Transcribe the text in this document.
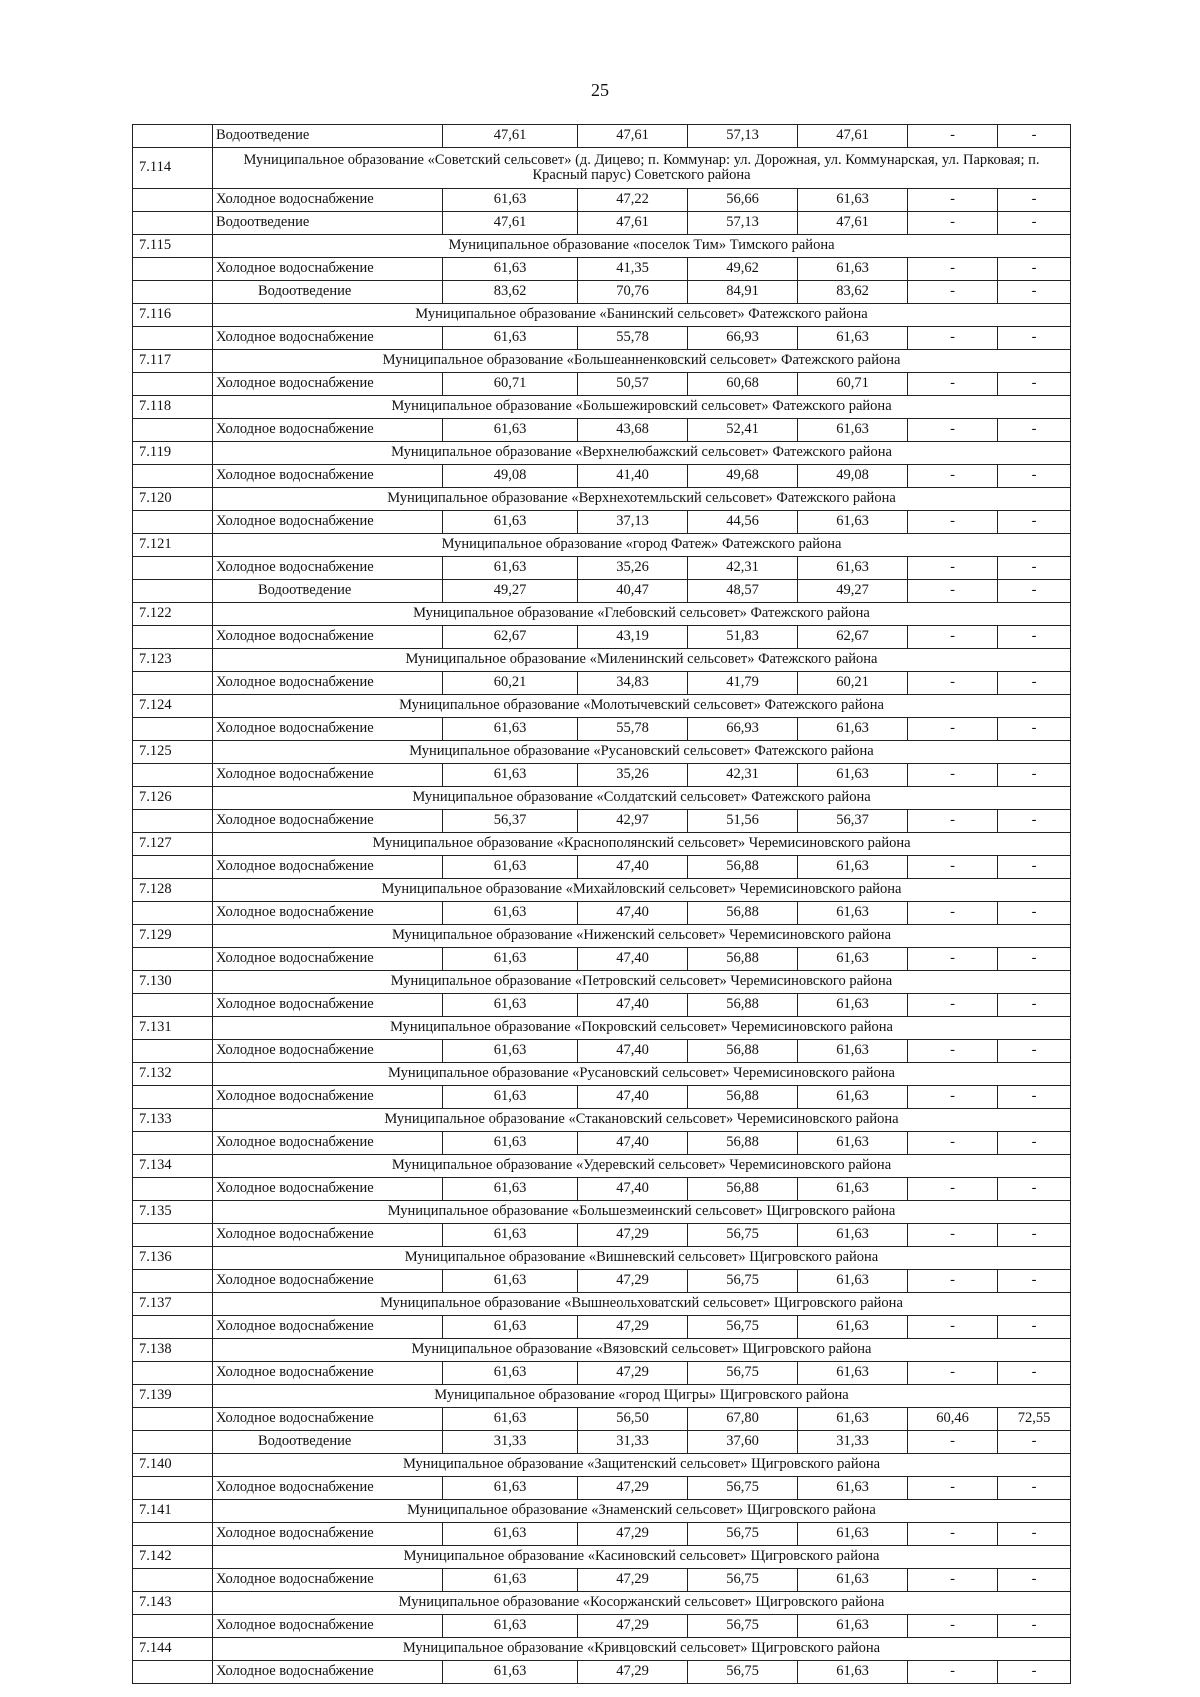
25
	Водоотведение	47,61	47,61	57,13	47,61	-	-
7.114	Муниципальное образование «Советский сельсовет» (д. Дицево; п. Коммунар: ул. Дорожная, ул. Коммунарская, ул. Парковая; п. Красный парус) Советского района						
	Холодное водоснабжение	61,63	47,22	56,66	61,63	-	-
	Водоотведение	47,61	47,61	57,13	47,61	-	-
7.115	Муниципальное образование «поселок Тим» Тимского района						
	Холодное водоснабжение	61,63	41,35	49,62	61,63	-	-
	Водоотведение	83,62	70,76	84,91	83,62	-	-
7.116	Муниципальное образование «Банинский сельсовет» Фатежского района						
	Холодное водоснабжение	61,63	55,78	66,93	61,63	-	-
7.117	Муниципальное образование «Большеанненковский сельсовет» Фатежского района						
	Холодное водоснабжение	60,71	50,57	60,68	60,71	-	-
7.118	Муниципальное образование «Большежировский сельсовет» Фатежского района						
	Холодное водоснабжение	61,63	43,68	52,41	61,63	-	-
7.119	Муниципальное образование «Верхнелюбажский сельсовет» Фатежского района						
	Холодное водоснабжение	49,08	41,40	49,68	49,08	-	-
7.120	Муниципальное образование «Верхнехотемльский сельсовет» Фатежского района						
	Холодное водоснабжение	61,63	37,13	44,56	61,63	-	-
7.121	Муниципальное образование «город Фатеж» Фатежского района						
	Холодное водоснабжение	61,63	35,26	42,31	61,63	-	-
	Водоотведение	49,27	40,47	48,57	49,27	-	-
7.122	Муниципальное образование «Глебовский сельсовет» Фатежского района						
	Холодное водоснабжение	62,67	43,19	51,83	62,67	-	-
7.123	Муниципальное образование «Миленинский сельсовет» Фатежского района						
	Холодное водоснабжение	60,21	34,83	41,79	60,21	-	-
7.124	Муниципальное образование «Молотычевский сельсовет» Фатежского района						
	Холодное водоснабжение	61,63	55,78	66,93	61,63	-	-
7.125	Муниципальное образование «Русановский сельсовет» Фатежского района						
	Холодное водоснабжение	61,63	35,26	42,31	61,63	-	-
7.126	Муниципальное образование «Солдатский сельсовет» Фатежского района						
	Холодное водоснабжение	56,37	42,97	51,56	56,37	-	-
7.127	Муниципальное образование «Краснополянский сельсовет» Черемисиновского района						
	Холодное водоснабжение	61,63	47,40	56,88	61,63	-	-
7.128	Муниципальное образование «Михайловский сельсовет» Черемисиновского района						
	Холодное водоснабжение	61,63	47,40	56,88	61,63	-	-
7.129	Муниципальное образование «Ниженский сельсовет» Черемисиновского района						
	Холодное водоснабжение	61,63	47,40	56,88	61,63	-	-
7.130	Муниципальное образование «Петровский сельсовет» Черемисиновского района						
	Холодное водоснабжение	61,63	47,40	56,88	61,63	-	-
7.131	Муниципальное образование «Покровский сельсовет» Черемисиновского района						
	Холодное водоснабжение	61,63	47,40	56,88	61,63	-	-
7.132	Муниципальное образование «Русановский сельсовет» Черемисиновского района						
	Холодное водоснабжение	61,63	47,40	56,88	61,63	-	-
7.133	Муниципальное образование «Стакановский сельсовет» Черемисиновского района						
	Холодное водоснабжение	61,63	47,40	56,88	61,63	-	-
7.134	Муниципальное образование «Удеревский сельсовет» Черемисиновского района						
	Холодное водоснабжение	61,63	47,40	56,88	61,63	-	-
7.135	Муниципальное образование «Большезмеинский сельсовет» Щигровского района						
	Холодное водоснабжение	61,63	47,29	56,75	61,63	-	-
7.136	Муниципальное образование «Вишневский сельсовет» Щигровского района						
	Холодное водоснабжение	61,63	47,29	56,75	61,63	-	-
7.137	Муниципальное образование «Вышнеольховатский сельсовет» Щигровского района						
	Холодное водоснабжение	61,63	47,29	56,75	61,63	-	-
7.138	Муниципальное образование «Вязовский сельсовет» Щигровского района						
	Холодное водоснабжение	61,63	47,29	56,75	61,63	-	-
7.139	Муниципальное образование «город Щигры» Щигровского района						
	Холодное водоснабжение	61,63	56,50	67,80	61,63	60,46	72,55
	Водоотведение	31,33	31,33	37,60	31,33	-	-
7.140	Муниципальное образование «Защитенский сельсовет» Щигровского района						
	Холодное водоснабжение	61,63	47,29	56,75	61,63	-	-
7.141	Муниципальное образование «Знаменский сельсовет» Щигровского района						
	Холодное водоснабжение	61,63	47,29	56,75	61,63	-	-
7.142	Муниципальное образование «Касиновский сельсовет» Щигровского района						
	Холодное водоснабжение	61,63	47,29	56,75	61,63	-	-
7.143	Муниципальное образование «Косоржанский сельсовет» Щигровского района						
	Холодное водоснабжение	61,63	47,29	56,75	61,63	-	-
7.144	Муниципальное образование «Кривцовский сельсовет» Щигровского района						
	Холодное водоснабжение	61,63	47,29	56,75	61,63	-	-
